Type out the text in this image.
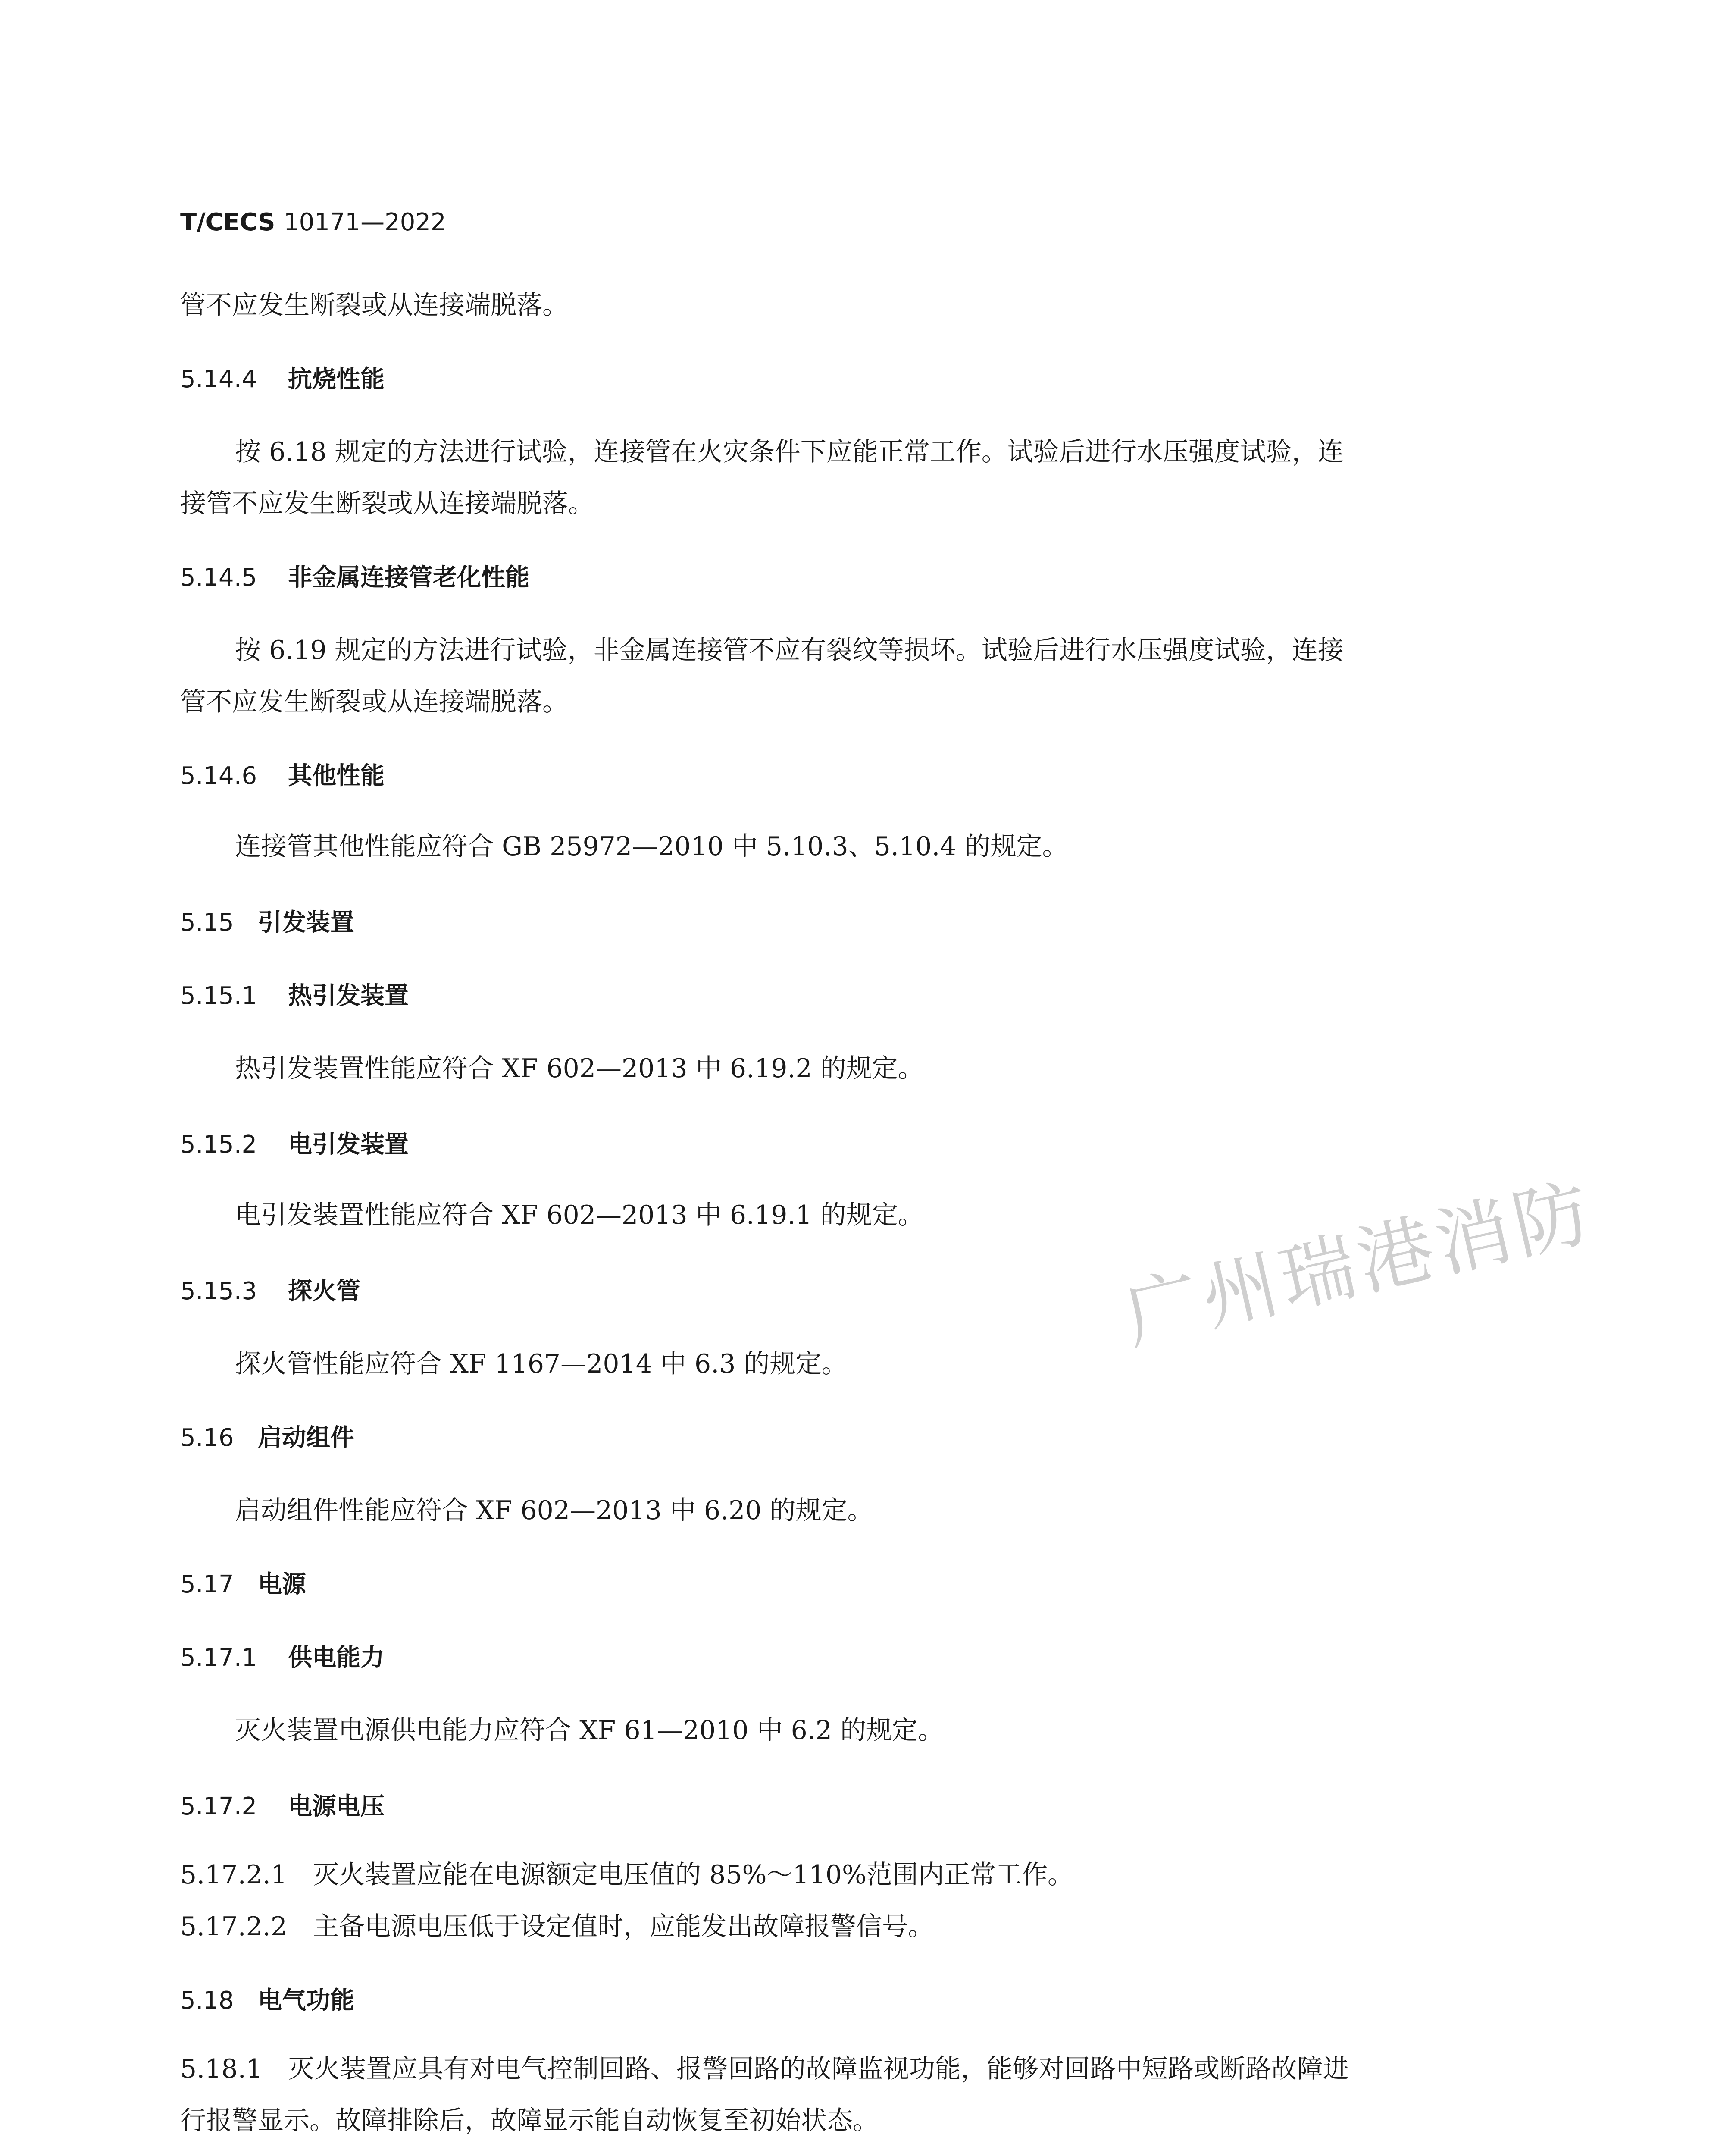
T/CECS 10171—2022
管不应发生断裂或从连接端脱落。
5.14.4 抗烧性能
按 6.18 规定的方法进行试验，连接管在火灾条件下应能正常工作。试验后进行水压强度试验，连
接管不应发生断裂或从连接端脱落。
5.14.5 非金属连接管老化性能
按 6.19 规定的方法进行试验，非金属连接管不应有裂纹等损坏。试验后进行水压强度试验，连接
管不应发生断裂或从连接端脱落。
5.14.6 其他性能
连接管其他性能应符合 GB 25972—2010 中 5.10.3、5.10.4 的规定。
5.15 引发装置
5.15.1 热引发装置
热引发装置性能应符合 XF 602—2013 中 6.19.2 的规定。
5.15.2 电引发装置
电引发装置性能应符合 XF 602—2013 中 6.19.1 的规定。
5.15.3 探火管
探火管性能应符合 XF 1167—2014 中 6.3 的规定。
5.16 启动组件
启动组件性能应符合 XF 602—2013 中 6.20 的规定。
5.17 电源
5.17.1 供电能力
灭火装置电源供电能力应符合 XF 61—2010 中 6.2 的规定。
5.17.2 电源电压
5.17.2.1　灭火装置应能在电源额定电压值的 85%～110%范围内正常工作。
5.17.2.2　主备电源电压低于设定值时，应能发出故障报警信号。
5.18 电气功能
5.18.1　灭火装置应具有对电气控制回路、报警回路的故障监视功能，能够对回路中短路或断路故障进
行报警显示。故障排除后，故障显示能自动恢复至初始状态。
广州瑞港消防
